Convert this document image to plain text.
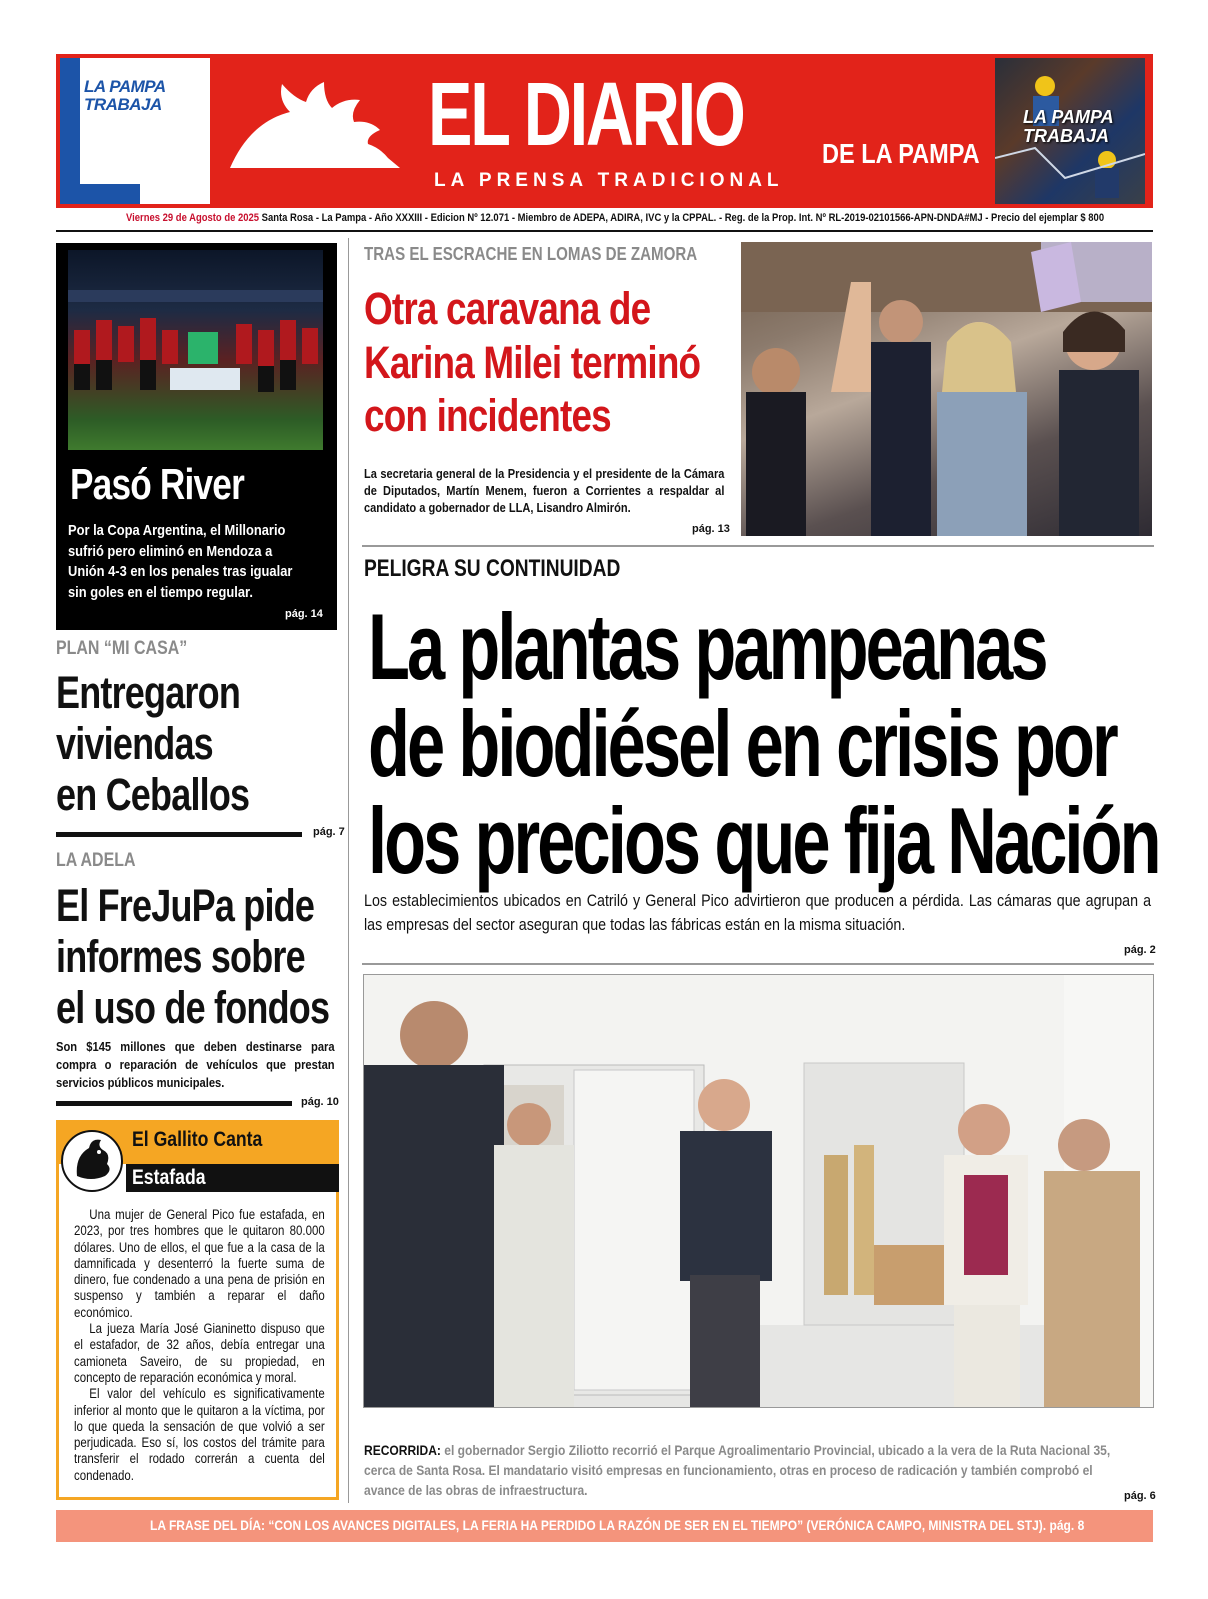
LA PAMPA TRABAJA	EL DIARIO	DE LA PAMPA
LA PRENSA TRADICIONAL
LA PAMPA TRABAJA
Viernes 29 de Agosto de 2025 Santa Rosa - La Pampa - Año XXXIII - Edicion Nº 12.071 - Miembro de ADEPA, ADIRA, IVC y la CPPAL. - Reg. de la Prop. Int. Nº RL-2019-02101566-APN-DNDA#MJ - Precio del ejemplar $ 800
Pasó River
Por la Copa Argentina, el Millonario sufrió pero eliminó en Mendoza a Unión 4-3 en los penales tras igualar sin goles en el tiempo regular.
pág. 14
PLAN “MI CASA”
Entregaron
viviendas
en Ceballos
pág. 7
LA ADELA
El FreJuPa pide
informes sobre
el uso de fondos
Son $145 millones que deben destinarse para compra o reparación de vehículos que prestan servicios públicos municipales.
pág. 10
El Gallito Canta
Estafada

Una mujer de General Pico fue estafada, en 2023, por tres hombres que le quitaron 80.000 dólares. Uno de ellos, el que fue a la casa de la damnificada y desenterró la fuerte suma de dinero, fue condenado a una pena de prisión en suspenso y también a reparar el daño económico.

La jueza María José Gianinetto dispuso que el estafador, de 32 años, debía entregar una camioneta Saveiro, de su propiedad, en concepto de reparación económica y moral.

El valor del vehículo es significativamente inferior al monto que le quitaron a la víctima, por lo que queda la sensación de que volvió a ser perjudicada. Eso sí, los costos del trámite para transferir el rodado correrán a cuenta del condenado.

TRAS EL ESCRACHE EN LOMAS DE ZAMORA
Otra caravana de
Karina Milei terminó
con incidentes
La secretaria general de la Presidencia y el presidente de la Cámara de Diputados, Martín Menem, fueron a Corrientes a respaldar al candidato a gobernador de LLA, Lisandro Almirón.
pág. 13
PELIGRA SU CONTINUIDAD
La plantas pampeanas
de biodiésel en crisis por
los precios que fija Nación
Los establecimientos ubicados en Catriló y General Pico advirtieron que producen a pérdida. Las cámaras que agrupan a las empresas del sector aseguran que todas las fábricas están en la misma situación.
pág. 2
RECORRIDA: el gobernador Sergio Ziliotto recorrió el Parque Agroalimentario Provincial, ubicado a la vera de la Ruta Nacional 35, cerca de Santa Rosa. El mandatario visitó empresas en funcionamiento, otras en proceso de radicación y también comprobó el avance de las obras de infraestructura.	pág. 6
LA FRASE DEL DÍA: “CON LOS AVANCES DIGITALES, LA FERIA HA PERDIDO LA RAZÓN DE SER EN EL TIEMPO” (VERÓNICA CAMPO, MINISTRA DEL STJ). pág. 8
